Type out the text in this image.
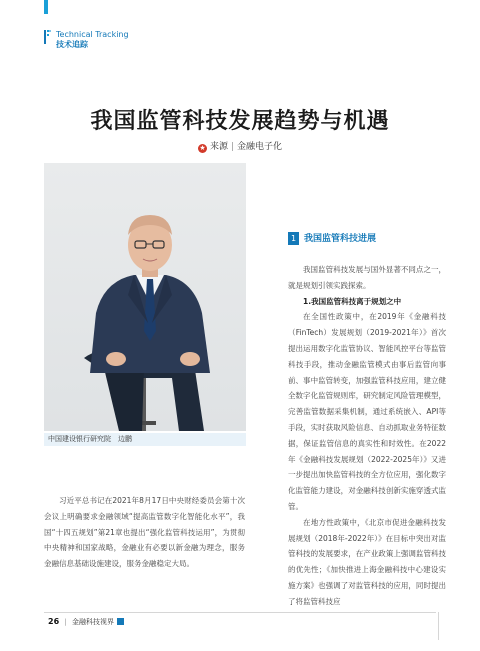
Technical Tracking
技术追踪
我国监管科技发展趋势与机遇
★ 来源 | 金融电子化
中国建设银行研究院　边鹏
1 我国监管科技进展

我国监管科技发展与国外显著不同点之一，就是规划引领实践探索。

1.我国监管科技离于规划之中

在全国性政策中，在2019年《金融科技（FinTech）发展规划（2019-2021年）》首次提出运用数字化监管协议、智能风控平台等监管科技手段，推动金融监管模式由事后监管向事前、事中监管转变，加强监管科技应用，建立健全数字化监管规则库，研究制定风险管理模型，完善监管数据采集机制，通过系统嵌入、API等手段，实时获取风险信息、自动抓取业务特征数据，保证监管信息的真实性和时效性。在2022年《金融科技发展规划（2022-2025年）》又进一步提出加快监管科技的全方位应用，强化数字化监管能力建设，对金融科技创新实施穿透式监管。

在地方性政策中，《北京市促进金融科技发展规划（2018年-2022年）》在目标中突出对监管科技的发展要求，在产业政策上强调监管科技的优先性；《加快推进上海金融科技中心建设实施方案》也强调了对监管科技的应用，同时提出了将监管科技应

习近平总书记在2021年8月17日中央财经委员会第十次会议上明确要求金融领域“提高监管数字化智能化水平”，我国“十四五规划”第21章也提出“强化监管科技运用”，为贯彻中央精神和国家战略，金融业有必要以新金融为理念，服务金融信息基础设施建设，服务金融稳定大局。

26 | 金融科技视界
